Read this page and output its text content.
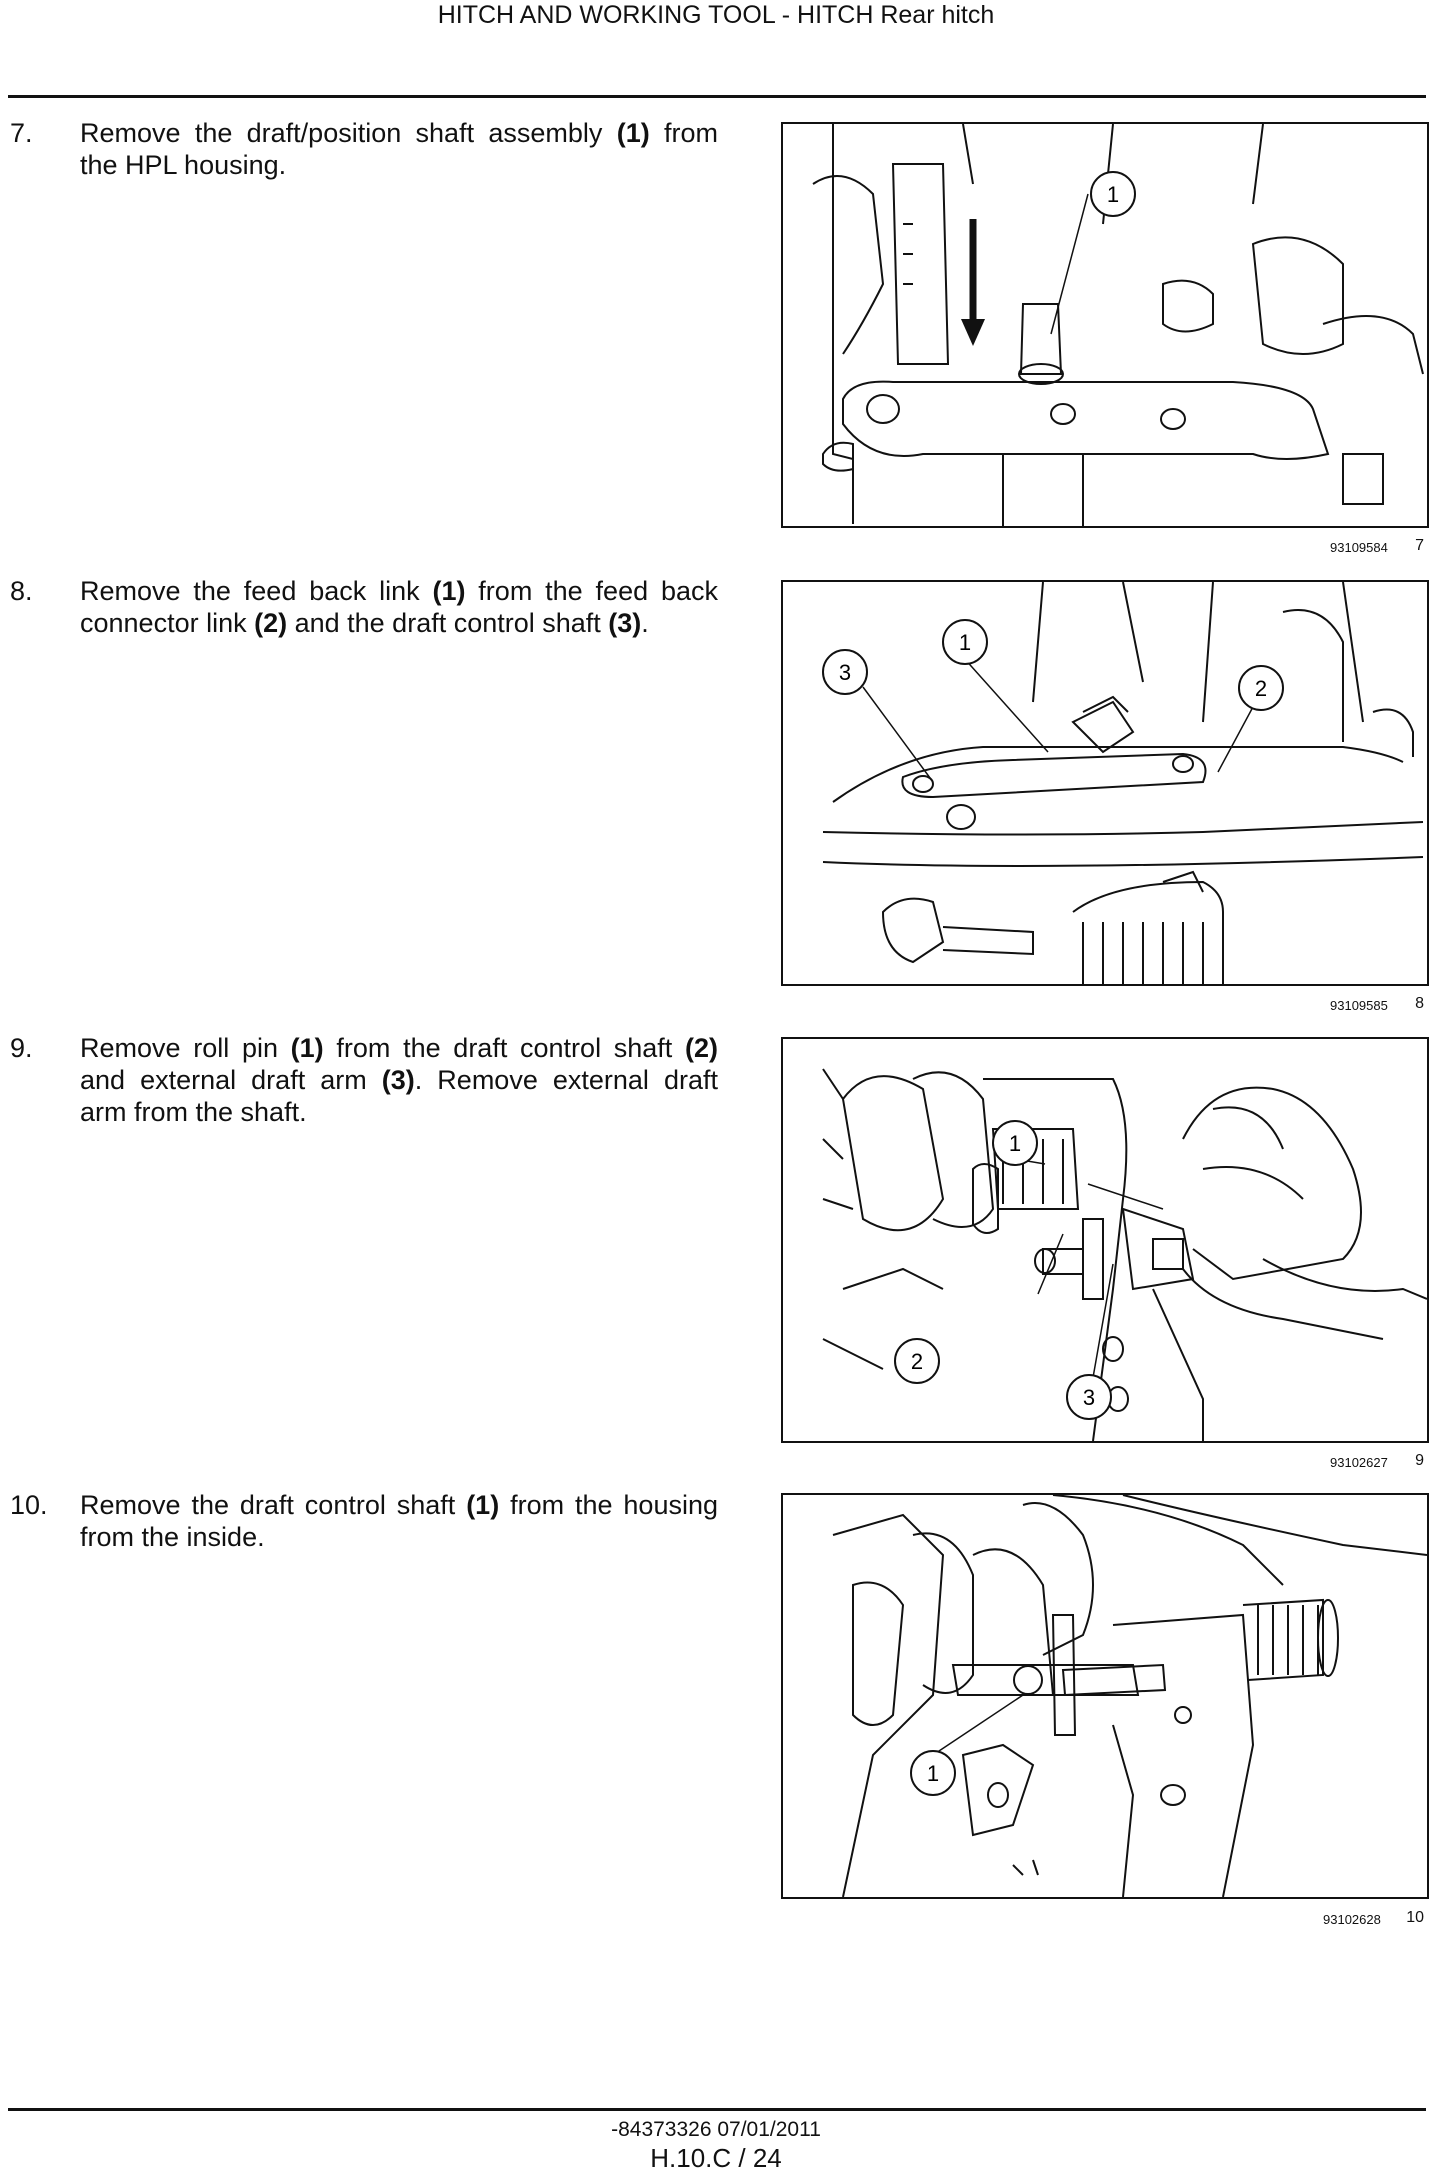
HITCH AND WORKING TOOL - HITCH Rear hitch
7. Remove the draft/position shaft assembly (1) from the HPL housing.
1
93109584	7
8. Remove the feed back link (1) from the feed back connector link (2) and the draft control shaft (3).
1
2
3
93109585	8
9. Remove roll pin (1) from the draft control shaft (2) and external draft arm (3). Remove external draft arm from the shaft.
1
2
3
93102627	9
10. Remove the draft control shaft (1) from the housing from the inside.
1
93102628	10
-84373326 07/01/2011
H.10.C / 24
